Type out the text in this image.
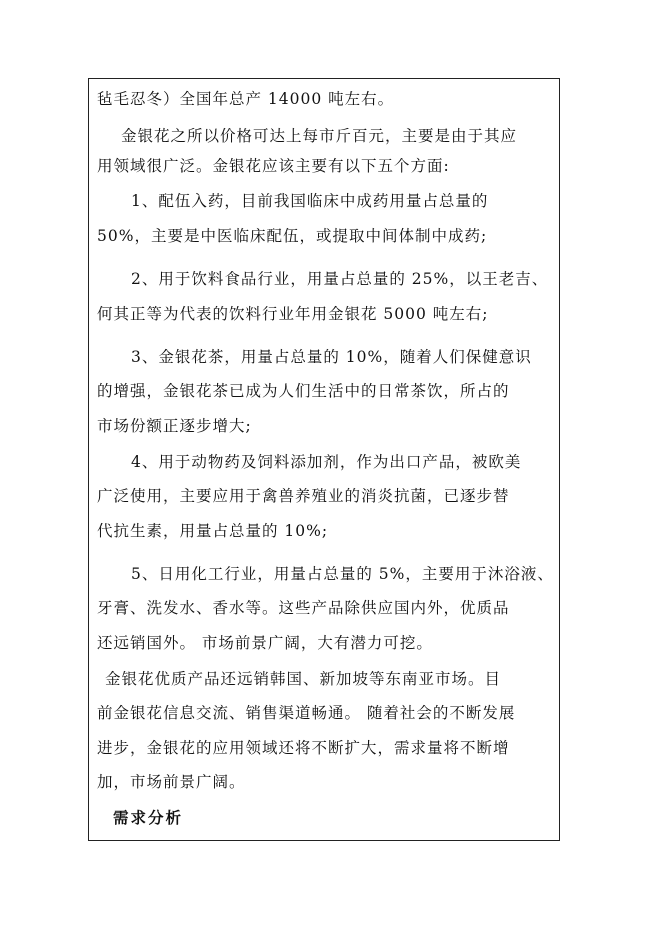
毡毛忍冬）全国年总产 14000 吨左右。
金银花之所以价格可达上每市斤百元，主要是由于其应
用领域很广泛。金银花应该主要有以下五个方面:
1、配伍入药，目前我国临床中成药用量占总量的
50%，主要是中医临床配伍，或提取中间体制中成药;
2、用于饮料食品行业，用量占总量的 25%，以王老吉、
何其正等为代表的饮料行业年用金银花 5000 吨左右;
3、金银花茶，用量占总量的 10%，随着人们保健意识
的增强，金银花茶已成为人们生活中的日常茶饮，所占的
市场份额正逐步增大;
4、用于动物药及饲料添加剂，作为出口产品，被欧美
广泛使用，主要应用于禽兽养殖业的消炎抗菌，已逐步替
代抗生素，用量占总量的 10%;
5、日用化工行业，用量占总量的 5%，主要用于沐浴液、
牙膏、洗发水、香水等。这些产品除供应国内外，优质品
还远销国外。 市场前景广阔，大有潜力可挖。
金银花优质产品还远销韩国、新加坡等东南亚市场。目
前金银花信息交流、销售渠道畅通。 随着社会的不断发展
进步，金银花的应用领域还将不断扩大，需求量将不断增
加，市场前景广阔。
需求分析
